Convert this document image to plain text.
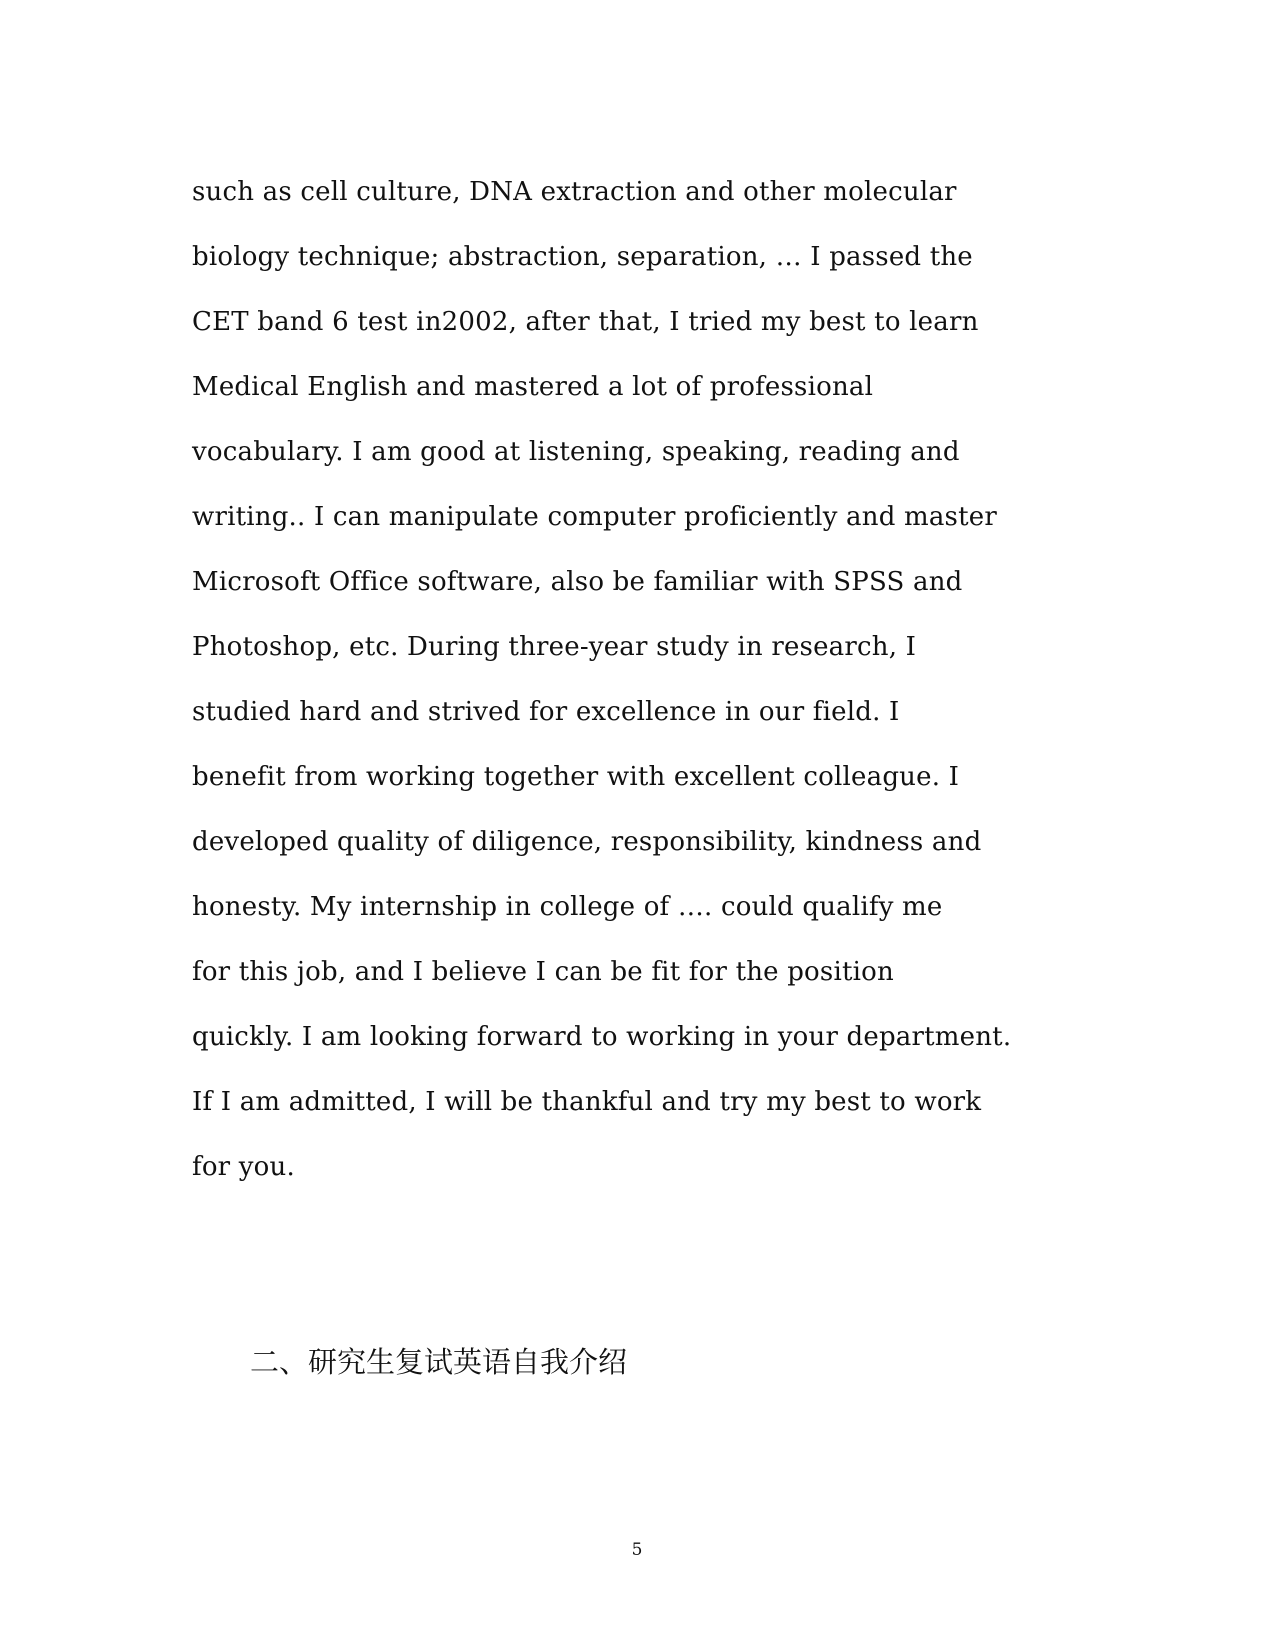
such as cell culture, DNA extraction and other molecular
biology technique; abstraction, separation, … I passed the
CET band 6 test in2002, after that, I tried my best to learn
Medical English and mastered a lot of professional
vocabulary. I am good at listening, speaking, reading and
writing.. I can manipulate computer proficiently and master
Microsoft Office software, also be familiar with SPSS and
Photoshop, etc. During three-year study in research, I
studied hard and strived for excellence in our field. I
benefit from working together with excellent colleague. I
developed quality of diligence, responsibility, kindness and
honesty. My internship in college of …. could qualify me
for this job, and I believe I can be fit for the position
quickly. I am looking forward to working in your department.
If I am admitted, I will be thankful and try my best to work
for you.
二、研究生复试英语自我介绍
5
